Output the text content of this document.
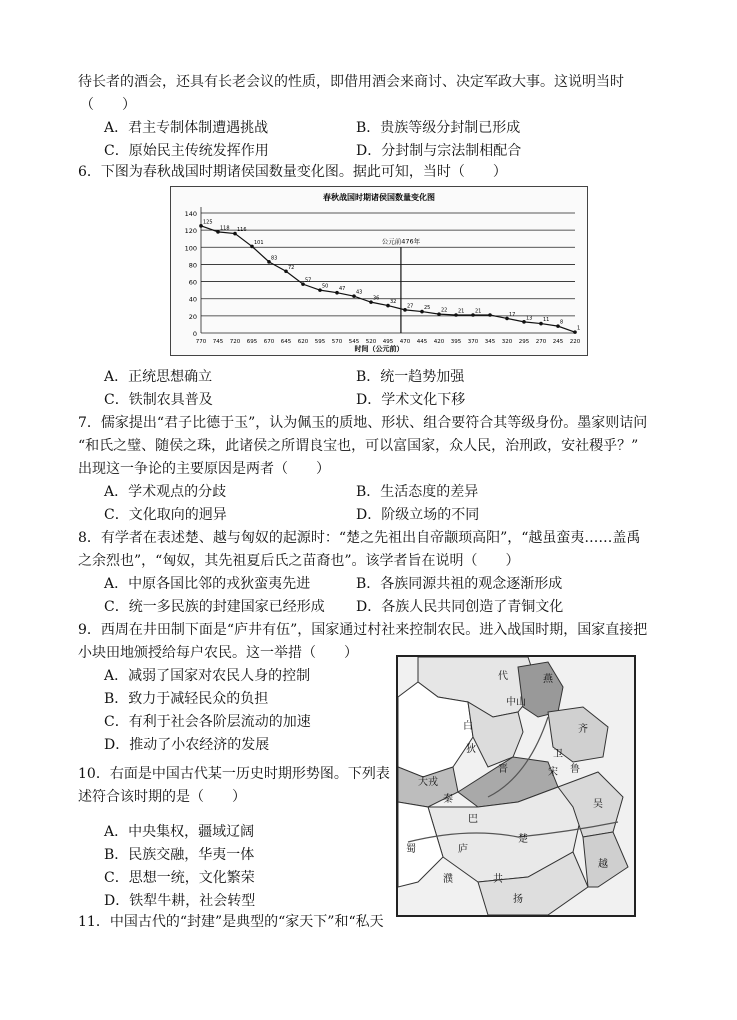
待长者的酒会，还具有长老会议的性质，即借用酒会来商讨、决定军政大事。这说明当时
（　　）
A．君主专制体制遭遇挑战	B．贵族等级分封制已形成
C．原始民主传统发挥作用	D．分封制与宗法制相配合
6．下图为春秋战国时期诸侯国数量变化图。据此可知，当时（　　）
春秋战国时期诸侯国数量变化图
0
20
40
60
80
100
120
140
770 745 720 695 670 645 620 595 570 545 520 495 470 445 420 395 370 345 320 295 270 245 220
125
118 116
101
83
72
57
50 47
43
36
32
27 25 22 21 21
17
13 11 8
1
公元前476年
时间（公元前）
A．正统思想确立	B．统一趋势加强
C．铁制农具普及	D．学术文化下移
7．儒家提出“君子比德于玉”，认为佩玉的质地、形状、组合要符合其等级身份。墨家则诘问
“和氏之璧、随侯之珠，此诸侯之所谓良宝也，可以富国家，众人民，治刑政，安社稷乎？”
出现这一争论的主要原因是两者（　　）
A．学术观点的分歧	B．生活态度的差异
C．文化取向的迥异	D．阶级立场的不同
8．有学者在表述楚、越与匈奴的起源时：“楚之先祖出自帝颛顼高阳”，“越虽蛮夷……盖禹
之余烈也”，“匈奴，其先祖夏后氏之苗裔也”。该学者旨在说明（　　）
A．中原各国比邻的戎狄蛮夷先进	B．各族同源共祖的观念逐渐形成
C．统一多民族的封建国家已经形成 D．各族人民共同创造了青铜文化
9．西周在井田制下面是“庐井有伍”，国家通过村社来控制农民。进入战国时期，国家直接把
小块田地颁授给每户农民。这一举措（　　）
A．减弱了国家对农民人身的控制
B．致力于减轻民众的负担
C．有利于社会各阶层流动的加速
D．推动了小农经济的发展
10．右面是中国古代某一历史时期形势图。下列表
述符合该时期的是（　　）
A．中央集权，疆域辽阔
B．民族交融，华夷一体
C．思想一统，文化繁荣
D．铁犁牛耕，社会转型
11．中国古代的“封建”是典型的“家天下”和“私天
代	燕
白
狄
中山
晋
齐
大戎
秦
宋 鲁
巴
楚
吴
蜀
濮
庐
越
扬
共
卫
